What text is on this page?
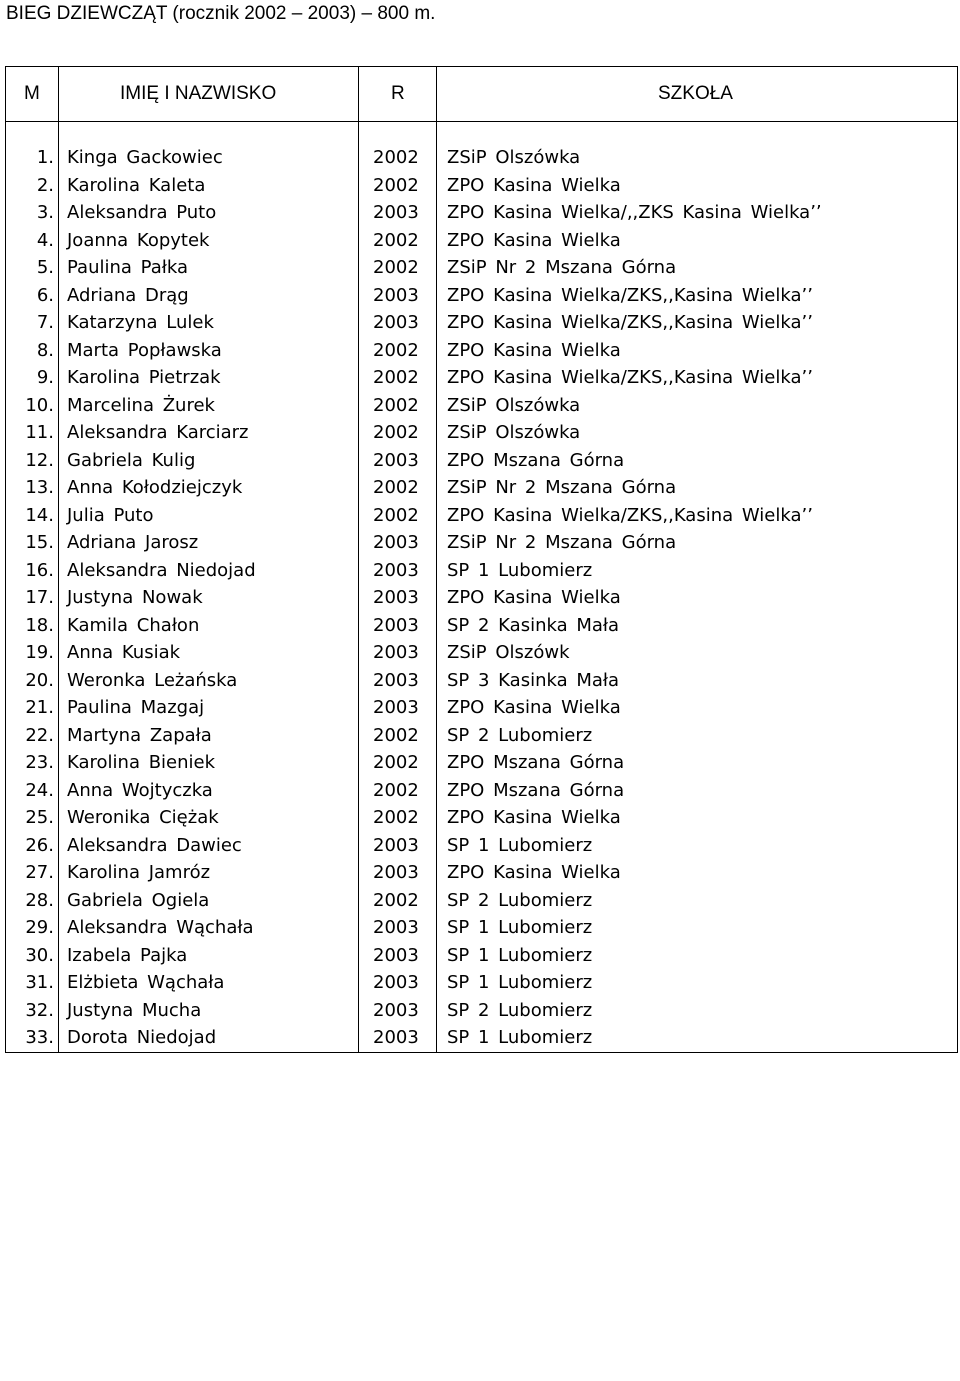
BIEG DZIEWCZĄT (rocznik 2002 – 2003) – 800 m.
M	IMIĘ I NAZWISKO	R	SZKOŁA

1.	Kinga Gackowiec	2002	ZSiP Olszówka
2.	Karolina Kaleta	2002	ZPO Kasina Wielka
3.	Aleksandra Puto	2003	ZPO Kasina Wielka/,,ZKS Kasina Wielka’’
4.	Joanna Kopytek	2002	ZPO Kasina Wielka
5.	Paulina Pałka	2002	ZSiP Nr 2 Mszana Górna
6.	Adriana Drąg	2003	ZPO Kasina Wielka/ZKS,,Kasina Wielka’’
7.	Katarzyna Lulek	2003	ZPO Kasina Wielka/ZKS,,Kasina Wielka’’
8.	Marta Popławska	2002	ZPO Kasina Wielka
9.	Karolina Pietrzak	2002	ZPO Kasina Wielka/ZKS,,Kasina Wielka’’
10.	Marcelina Żurek	2002	ZSiP Olszówka
11.	Aleksandra Karciarz	2002	ZSiP Olszówka
12.	Gabriela Kulig	2003	ZPO Mszana Górna
13.	Anna Kołodziejczyk	2002	ZSiP Nr 2 Mszana Górna
14.	Julia Puto	2002	ZPO Kasina Wielka/ZKS,,Kasina Wielka’’
15.	Adriana Jarosz	2003	ZSiP Nr 2 Mszana Górna
16.	Aleksandra Niedojad	2003	SP 1 Lubomierz
17.	Justyna Nowak	2003	ZPO Kasina Wielka
18.	Kamila Chałon	2003	SP 2 Kasinka Mała
19.	Anna Kusiak	2003	ZSiP Olszówk
20.	Weronka Leżańska	2003	SP 3 Kasinka Mała
21.	Paulina Mazgaj	2003	ZPO Kasina Wielka
22.	Martyna Zapała	2002	SP 2 Lubomierz
23.	Karolina Bieniek	2002	ZPO Mszana Górna
24.	Anna Wojtyczka	2002	ZPO Mszana Górna
25.	Weronika Ciężak	2002	ZPO Kasina Wielka
26.	Aleksandra Dawiec	2003	SP 1 Lubomierz
27.	Karolina Jamróz	2003	ZPO Kasina Wielka
28.	Gabriela Ogiela	2002	SP 2 Lubomierz
29.	Aleksandra Wąchała	2003	SP 1 Lubomierz
30.	Izabela Pajka	2003	SP 1 Lubomierz
31.	Elżbieta Wąchała	2003	SP 1 Lubomierz
32.	Justyna Mucha	2003	SP 2 Lubomierz
33.	Dorota Niedojad	2003	SP 1 Lubomierz
